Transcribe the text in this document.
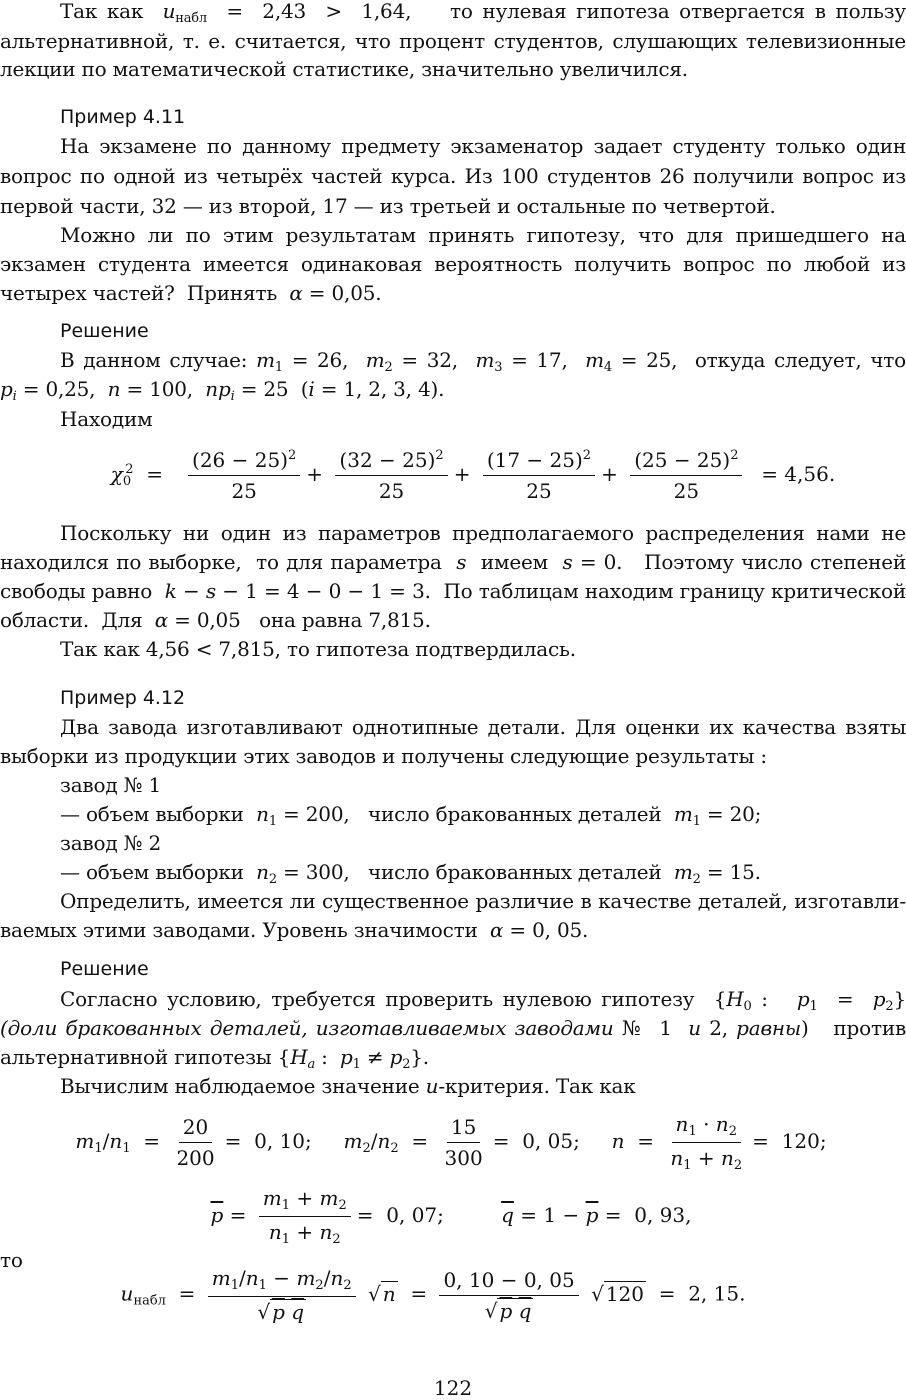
Так как  $u_{набл} = 2,43 > 1,64$,    то нулевая гипотеза отвергается в пользу
альтернативной, т. е. считается, что процент студентов, слушающих телевизионные
лекции по математической статистике, значительно увеличился.
Пример 4.11
На экзамене по данному предмету экзаменатор задает студенту только один
вопрос по одной из четырёх частей курса. Из 100 студентов 26 получили вопрос из
первой части, 32 — из второй, 17 — из третьей и остальные по четвертой.
Можно ли по этим результатам принять гипотезу, что для пришедшего на
экзамен студента имеется одинаковая вероятность получить вопрос по любой из
четырех частей?  Принять  α = 0,05.
Решение
В данном случае: $m_1 = 26$,  $m_2 = 32$,  $m_3 = 17$,  $m_4 = 25$,  откуда следует, что
$p_i = 0,25$,  n = 100,  $np_i = 25$  (i = 1, 2, 3, 4).
Находим
$\chi_0^2 = \frac{(26 - 25)^2}{25} + \frac{(32 - 25)^2}{25} + \frac{(17 - 25)^2}{25} + \frac{(25 - 25)^2}{25} = 4,56$.
Поскольку ни один из параметров предполагаемого распределения нами не
находился по выборке,  то для параметра  s  имеем  s = 0.   Поэтому число степеней
свободы равно  k − s − 1 = 4 − 0 − 1 = 3.  По таблицам находим границу критической
области.  Для  α = 0,05   она равна 7,815.
Так как 4,56 < 7,815, то гипотеза подтвердилась.
Пример 4.12
Два завода изготавливают однотипные детали. Для оценки их качества взяты
выборки из продукции этих заводов и получены следующие результаты :
завод № 1
— объем выборки  $n_1 = 200$,   число бракованных деталей  $m_1 = 20$;
завод № 2
— объем выборки  $n_2 = 300$,   число бракованных деталей  $m_2 = 15$.
Определить, имеется ли существенное различие в качестве деталей, изготавли-
ваемых этими заводами. Уровень значимости  α = 0, 05.
Решение
Согласно условию, требуется проверить нулевою гипотезу  {$H_0$ :   $p_1 = p_2$}
(доли бракованных деталей, изготавливаемых заводами №  1  и 2, равны)   против
альтернативной гипотезы {$H_a$ :  $p_1 \ne p_2$}.
Вычислим наблюдаемое значение u-критерия. Так как
$m_1/n_1 = \frac{20}{200} = 0$, 10;     $m_2/n_2 = \frac{15}{300} = 0$, 05;     $n = \frac{n_1 \cdot n_2}{n_1 + n_2} = 120$;
$\overline{p} = \frac{m_1 + m_2}{n_1 + n_2} = 0$, 07;         $\overline{q} = 1 - \overline{p} = 0$, 93,
то
$u_{набл} = \frac{m_1/n_1 - m_2/n_2}{√ p \overline{q}}$ √ $n = \frac{0, 10 - 0, 05}{√ p \overline{q}}$ √ 120  =  2, 15.
122
